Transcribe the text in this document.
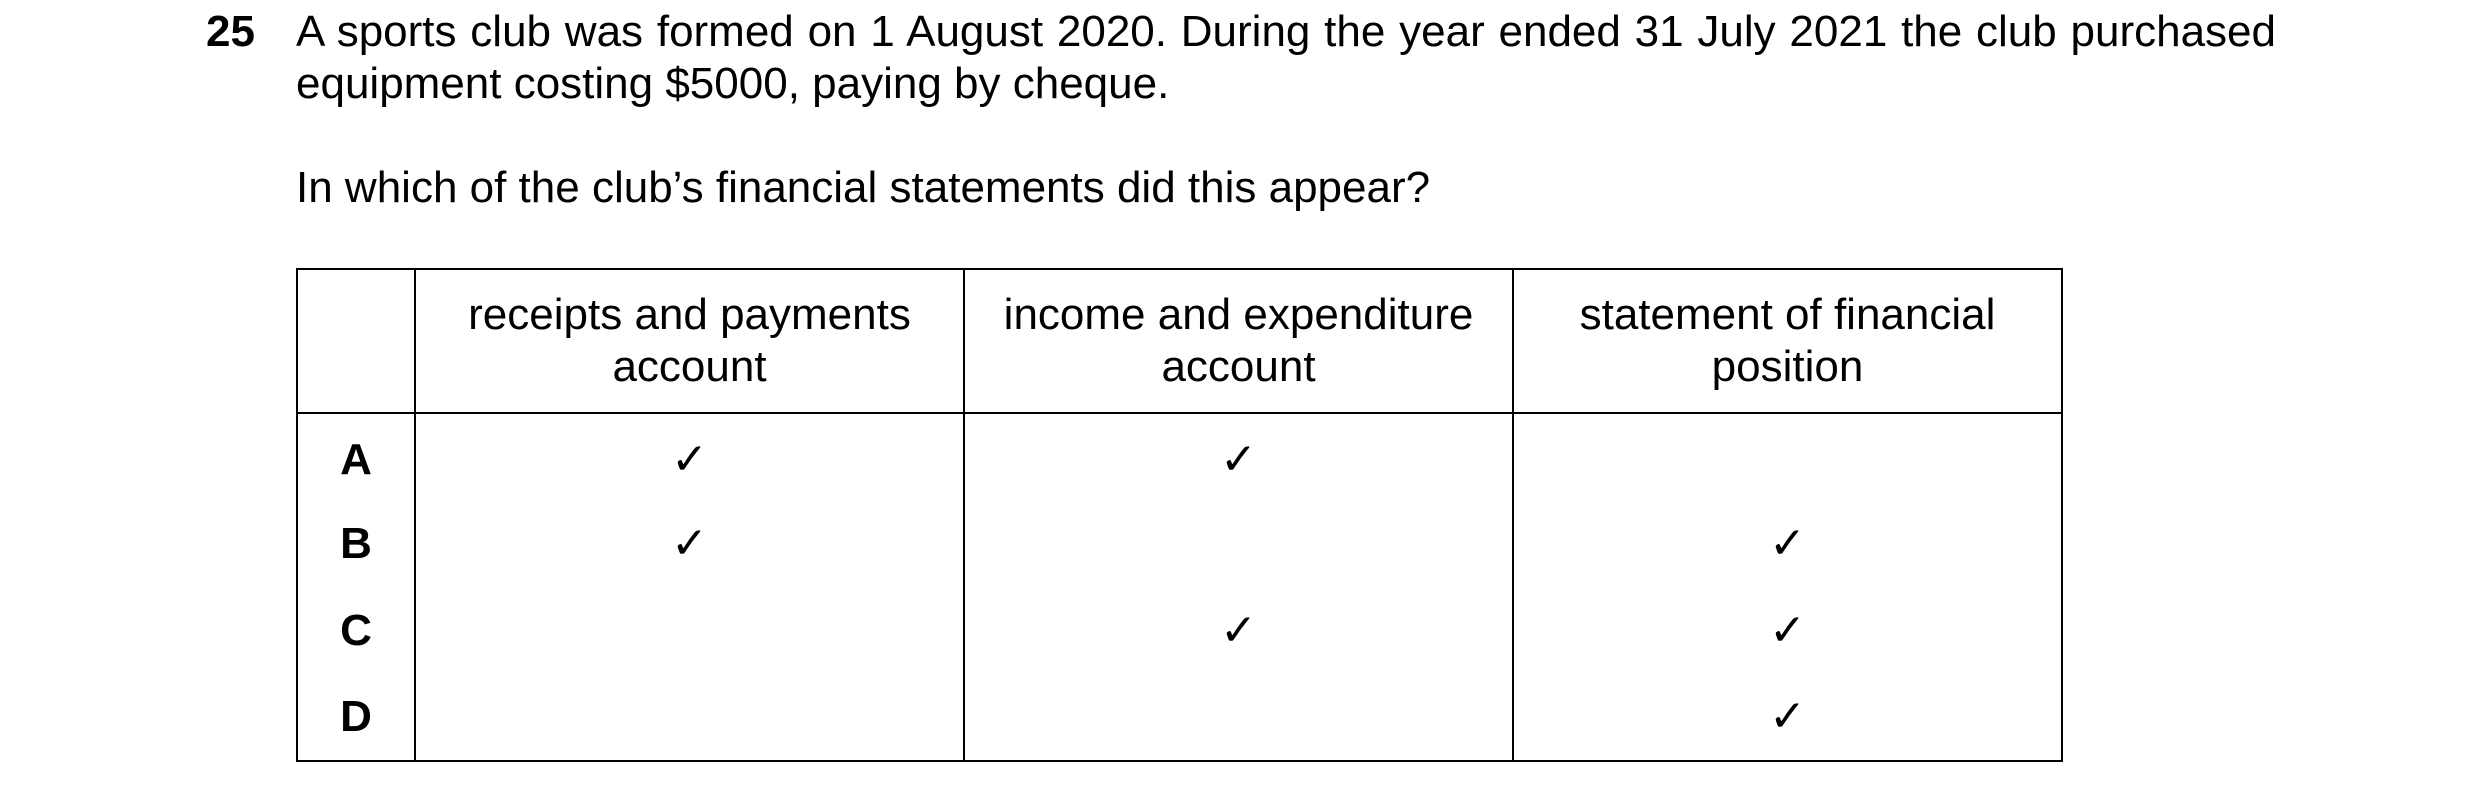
25 A sports club was formed on 1 August 2020. During the year ended 31 July 2021 the club purchased equipment costing $5000, paying by cheque.
In which of the club’s financial statements did this appear?
	receipts and payments account	income and expenditure account	statement of financial position
A	✓	✓	
B	✓		✓
C		✓	✓
D			✓
